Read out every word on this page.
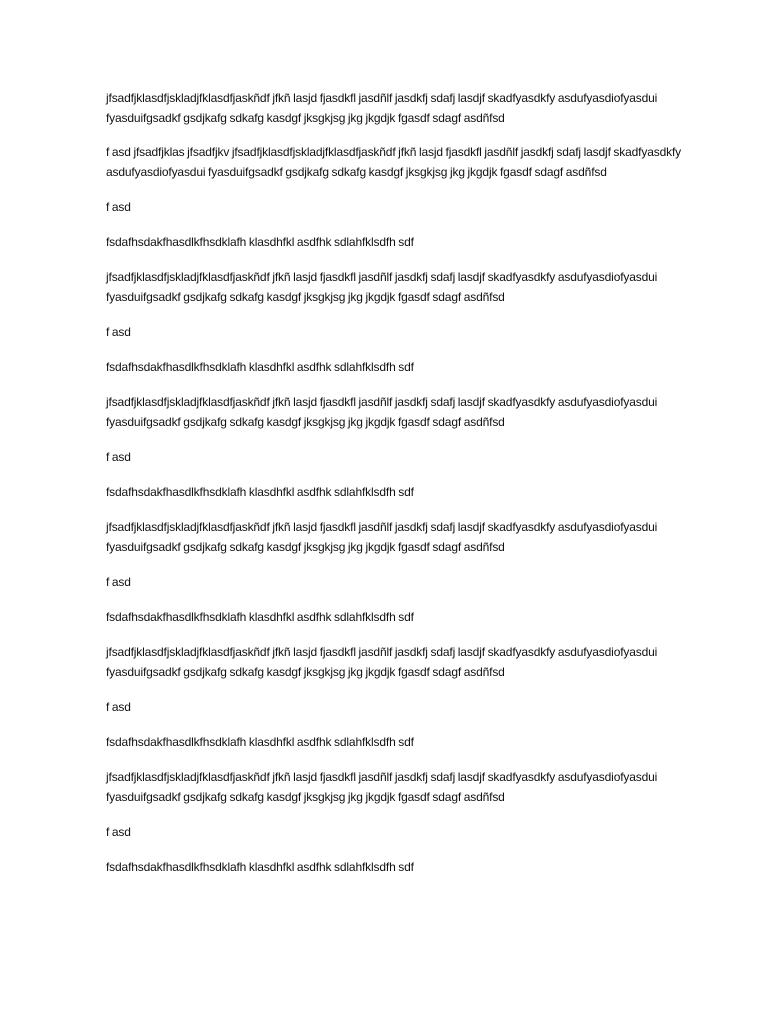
jfsadfjklasdfjskladjfklasdfjaskñdf jfkñ lasjd fjasdkfl jasdñlf jasdkfj sdafj lasdjf skadfyasdkfy asdufyasdiofyasdui fyasduifgsadkf gsdjkafg sdkafg kasdgf jksgkjsg jkg jkgdjk fgasdf sdagf asdñfsd

f asd jfsadfjklas jfsadfjkv jfsadfjklasdfjskladjfklasdfjaskñdf jfkñ lasjd fjasdkfl jasdñlf jasdkfj sdafj lasdjf skadfyasdkfy asdufyasdiofyasdui fyasduifgsadkf gsdjkafg sdkafg kasdgf jksgkjsg jkg jkgdjk fgasdf sdagf asdñfsd

f asd

fsdafhsdakfhasdlkfhsdklafh klasdhfkl asdfhk sdlahfklsdfh sdf

jfsadfjklasdfjskladjfklasdfjaskñdf jfkñ lasjd fjasdkfl jasdñlf jasdkfj sdafj lasdjf skadfyasdkfy asdufyasdiofyasdui fyasduifgsadkf gsdjkafg sdkafg kasdgf jksgkjsg jkg jkgdjk fgasdf sdagf asdñfsd

f asd

fsdafhsdakfhasdlkfhsdklafh klasdhfkl asdfhk sdlahfklsdfh sdf

jfsadfjklasdfjskladjfklasdfjaskñdf jfkñ lasjd fjasdkfl jasdñlf jasdkfj sdafj lasdjf skadfyasdkfy asdufyasdiofyasdui fyasduifgsadkf gsdjkafg sdkafg kasdgf jksgkjsg jkg jkgdjk fgasdf sdagf asdñfsd

f asd

fsdafhsdakfhasdlkfhsdklafh klasdhfkl asdfhk sdlahfklsdfh sdf

jfsadfjklasdfjskladjfklasdfjaskñdf jfkñ lasjd fjasdkfl jasdñlf jasdkfj sdafj lasdjf skadfyasdkfy asdufyasdiofyasdui fyasduifgsadkf gsdjkafg sdkafg kasdgf jksgkjsg jkg jkgdjk fgasdf sdagf asdñfsd

f asd

fsdafhsdakfhasdlkfhsdklafh klasdhfkl asdfhk sdlahfklsdfh sdf

jfsadfjklasdfjskladjfklasdfjaskñdf jfkñ lasjd fjasdkfl jasdñlf jasdkfj sdafj lasdjf skadfyasdkfy asdufyasdiofyasdui fyasduifgsadkf gsdjkafg sdkafg kasdgf jksgkjsg jkg jkgdjk fgasdf sdagf asdñfsd

f asd

fsdafhsdakfhasdlkfhsdklafh klasdhfkl asdfhk sdlahfklsdfh sdf

jfsadfjklasdfjskladjfklasdfjaskñdf jfkñ lasjd fjasdkfl jasdñlf jasdkfj sdafj lasdjf skadfyasdkfy asdufyasdiofyasdui fyasduifgsadkf gsdjkafg sdkafg kasdgf jksgkjsg jkg jkgdjk fgasdf sdagf asdñfsd

f asd

fsdafhsdakfhasdlkfhsdklafh klasdhfkl asdfhk sdlahfklsdfh sdf
